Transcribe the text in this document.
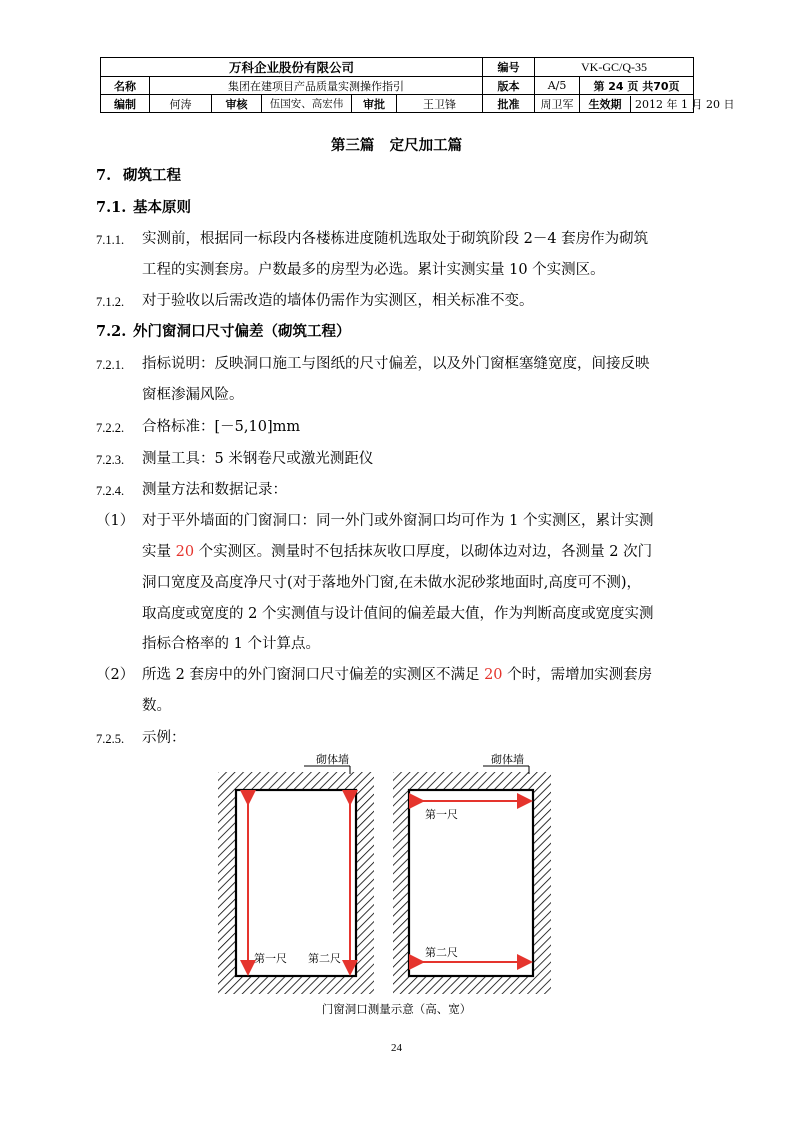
万科企业股份有限公司						编号	VK-GC/Q-35	
名称	集团在建项目产品质量实测操作指引					版本	A/5	第 24 页 共70页
编制	何涛	审核	伍国安、高宏伟	审批	王卫锋	批准	周卫军	生效期 2012 年 1 月 20 日
第三篇   定尺加工篇
7. 砌筑工程
7.1. 基本原则
7.1.1. 实测前，根据同一标段内各楼栋进度随机选取处于砌筑阶段 2－4 套房作为砌筑
工程的实测套房。户数最多的房型为必选。累计实测实量 10 个实测区。
7.1.2. 对于验收以后需改造的墙体仍需作为实测区，相关标准不变。
7.2. 外门窗洞口尺寸偏差（砌筑工程）
7.2.1. 指标说明：反映洞口施工与图纸的尺寸偏差，以及外门窗框塞缝宽度，间接反映
窗框渗漏风险。
7.2.2. 合格标准：[－5,10]mm
7.2.3. 测量工具：5 米钢卷尺或激光测距仪
7.2.4. 测量方法和数据记录：
（1） 对于平外墙面的门窗洞口：同一外门或外窗洞口均可作为 1 个实测区，累计实测
实量 20 个实测区。测量时不包括抹灰收口厚度，以砌体边对边，各测量 2 次门
洞口宽度及高度净尺寸(对于落地外门窗,在未做水泥砂浆地面时,高度可不测)，
取高度或宽度的 2 个实测值与设计值间的偏差最大值，作为判断高度或宽度实测
指标合格率的 1 个计算点。
（2） 所选 2 套房中的外门窗洞口尺寸偏差的实测区不满足 20 个时，需增加实测套房
数。
7.2.5. 示例：
砌体墙
第一尺 第二尺
砌体墙
第一尺
第二尺
门窗洞口测量示意（高、宽）
24
